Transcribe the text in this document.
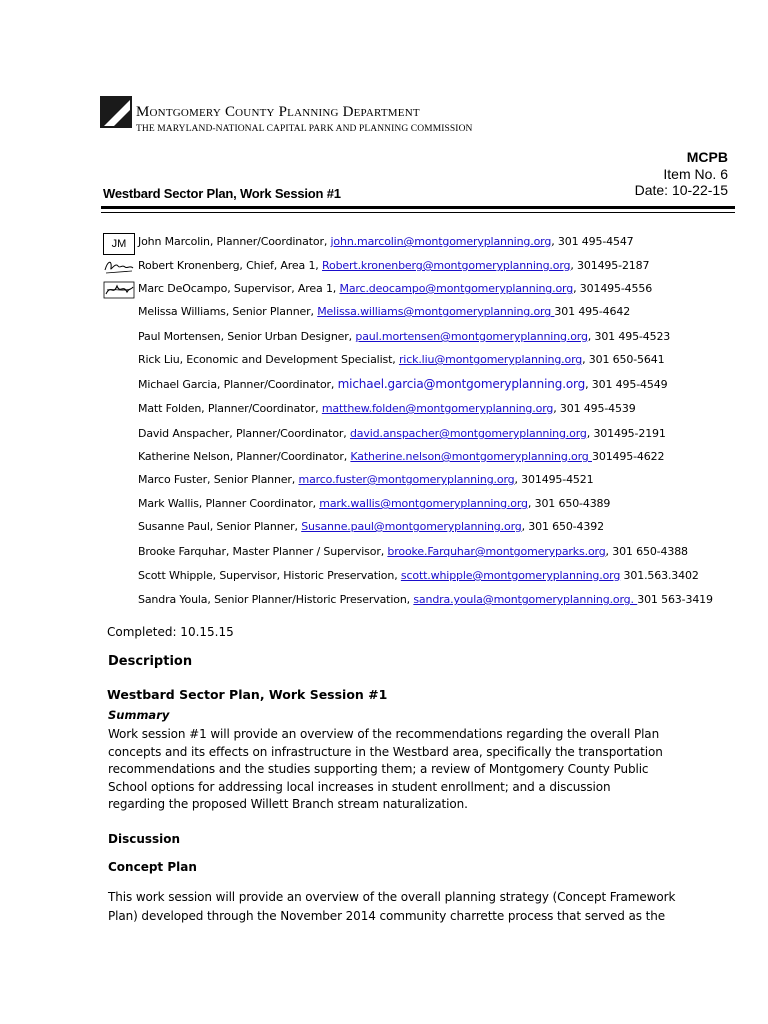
Montgomery County Planning Department
THE MARYLAND-NATIONAL CAPITAL PARK AND PLANNING COMMISSION
MCPB
Item No. 6
Date: 10-22-15
Westbard Sector Plan, Work Session #1
JM	John Marcolin, Planner/Coordinator, john.marcolin@montgomeryplanning.org, 301 495-4547
Robert Kronenberg, Chief, Area 1, Robert.kronenberg@montgomeryplanning.org, 301495-2187
Marc DeOcampo, Supervisor, Area 1, Marc.deocampo@montgomeryplanning.org, 301495-4556
Melissa Williams, Senior Planner, Melissa.williams@montgomeryplanning.org 301 495-4642
Paul Mortensen, Senior Urban Designer, paul.mortensen@montgomeryplanning.org, 301 495-4523
Rick Liu, Economic and Development Specialist, rick.liu@montgomeryplanning.org, 301 650-5641
Michael Garcia, Planner/Coordinator, michael.garcia@montgomeryplanning.org, 301 495-4549
Matt Folden, Planner/Coordinator, matthew.folden@montgomeryplanning.org, 301 495-4539
David Anspacher, Planner/Coordinator, david.anspacher@montgomeryplanning.org, 301495-2191
Katherine Nelson, Planner/Coordinator, Katherine.nelson@montgomeryplanning.org 301495-4622
Marco Fuster, Senior Planner, marco.fuster@montgomeryplanning.org, 301495-4521
Mark Wallis, Planner Coordinator, mark.wallis@montgomeryplanning.org, 301 650-4389
Susanne Paul, Senior Planner, Susanne.paul@montgomeryplanning.org, 301 650-4392
Brooke Farquhar, Master Planner / Supervisor, brooke.Farquhar@montgomeryparks.org, 301 650-4388
Scott Whipple, Supervisor, Historic Preservation, scott.whipple@montgomeryplanning.org 301.563.3402
Sandra Youla, Senior Planner/Historic Preservation, sandra.youla@montgomeryplanning.org. 301 563-3419
Completed: 10.15.15
Description
Westbard Sector Plan, Work Session #1
Summary
Work session #1 will provide an overview of the recommendations regarding the overall Plan concepts and its effects on infrastructure in the Westbard area, specifically the transportation recommendations and the studies supporting them; a review of Montgomery County Public School options for addressing local increases in student enrollment; and a discussion regarding the proposed Willett Branch stream naturalization.
Discussion
Concept Plan
This work session will provide an overview of the overall planning strategy (Concept Framework Plan) developed through the November 2014 community charrette process that served as the
